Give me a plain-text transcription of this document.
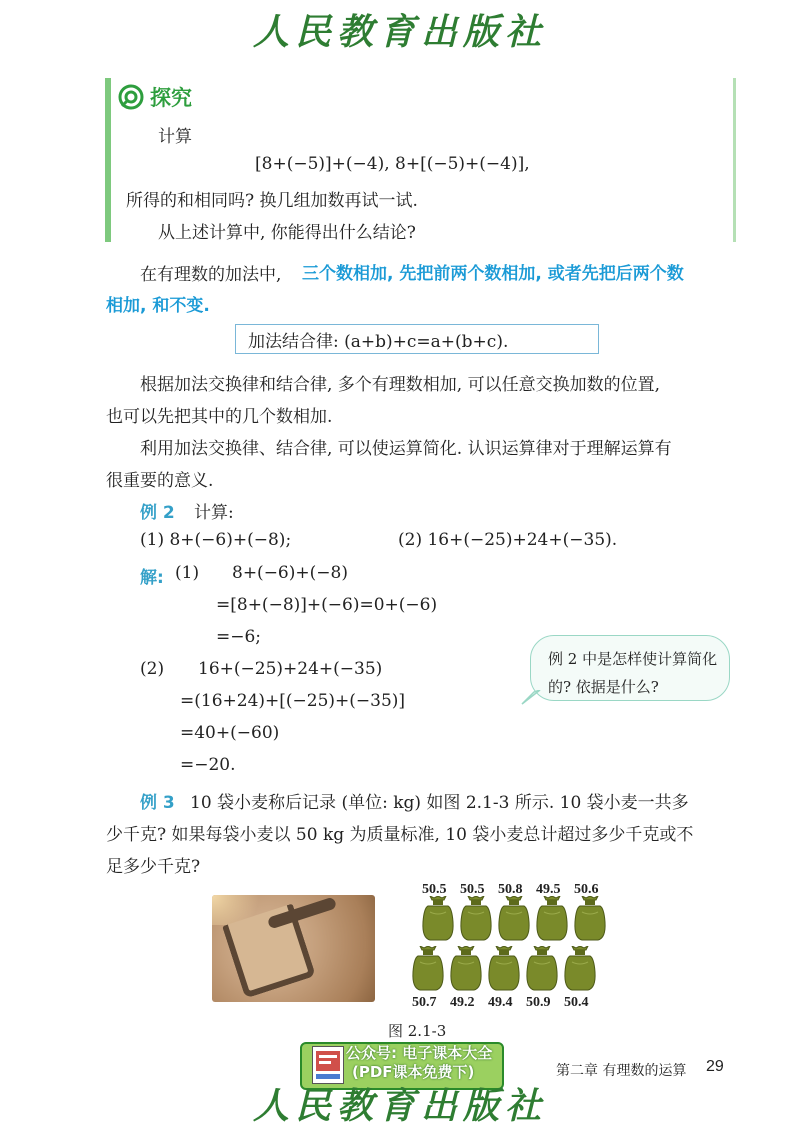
人民教育出版社
探究
计算
[8+(−5)]+(−4), 8+[(−5)+(−4)],
所得的和相同吗? 换几组加数再试一试.
从上述计算中, 你能得出什么结论?
在有理数的加法中, 三个数相加, 先把前两个数相加, 或者先把后两个数
相加, 和不变.
加法结合律: (a+b)+c=a+(b+c).
根据加法交换律和结合律, 多个有理数相加, 可以任意交换加数的位置,
也可以先把其中的几个数相加.
利用加法交换律、结合律, 可以使运算简化. 认识运算律对于理解运算有
很重要的意义.
例 2 计算:
(1) 8+(−6)+(−8);	(2) 16+(−25)+24+(−35).
解: (1) 8+(−6)+(−8)
=[8+(−8)]+(−6)=0+(−6)
=−6;
(2) 16+(−25)+24+(−35)
=(16+24)+[(−25)+(−35)]
=40+(−60)
=−20.
例 2 中是怎样使计算简化的? 依据是什么?
例 3 10 袋小麦称后记录 (单位: kg) 如图 2.1-3 所示. 10 袋小麦一共多
少千克? 如果每袋小麦以 50 kg 为质量标准, 10 袋小麦总计超过多少千克或不
足多少千克?
50.5 50.5 50.8 49.5 50.6
50.7 49.2 49.4 50.9 50.4
图 2.1-3
公众号: 电子课本大全
(PDF课本免费下)	第二章 有理数的运算 29
人民教育出版社
